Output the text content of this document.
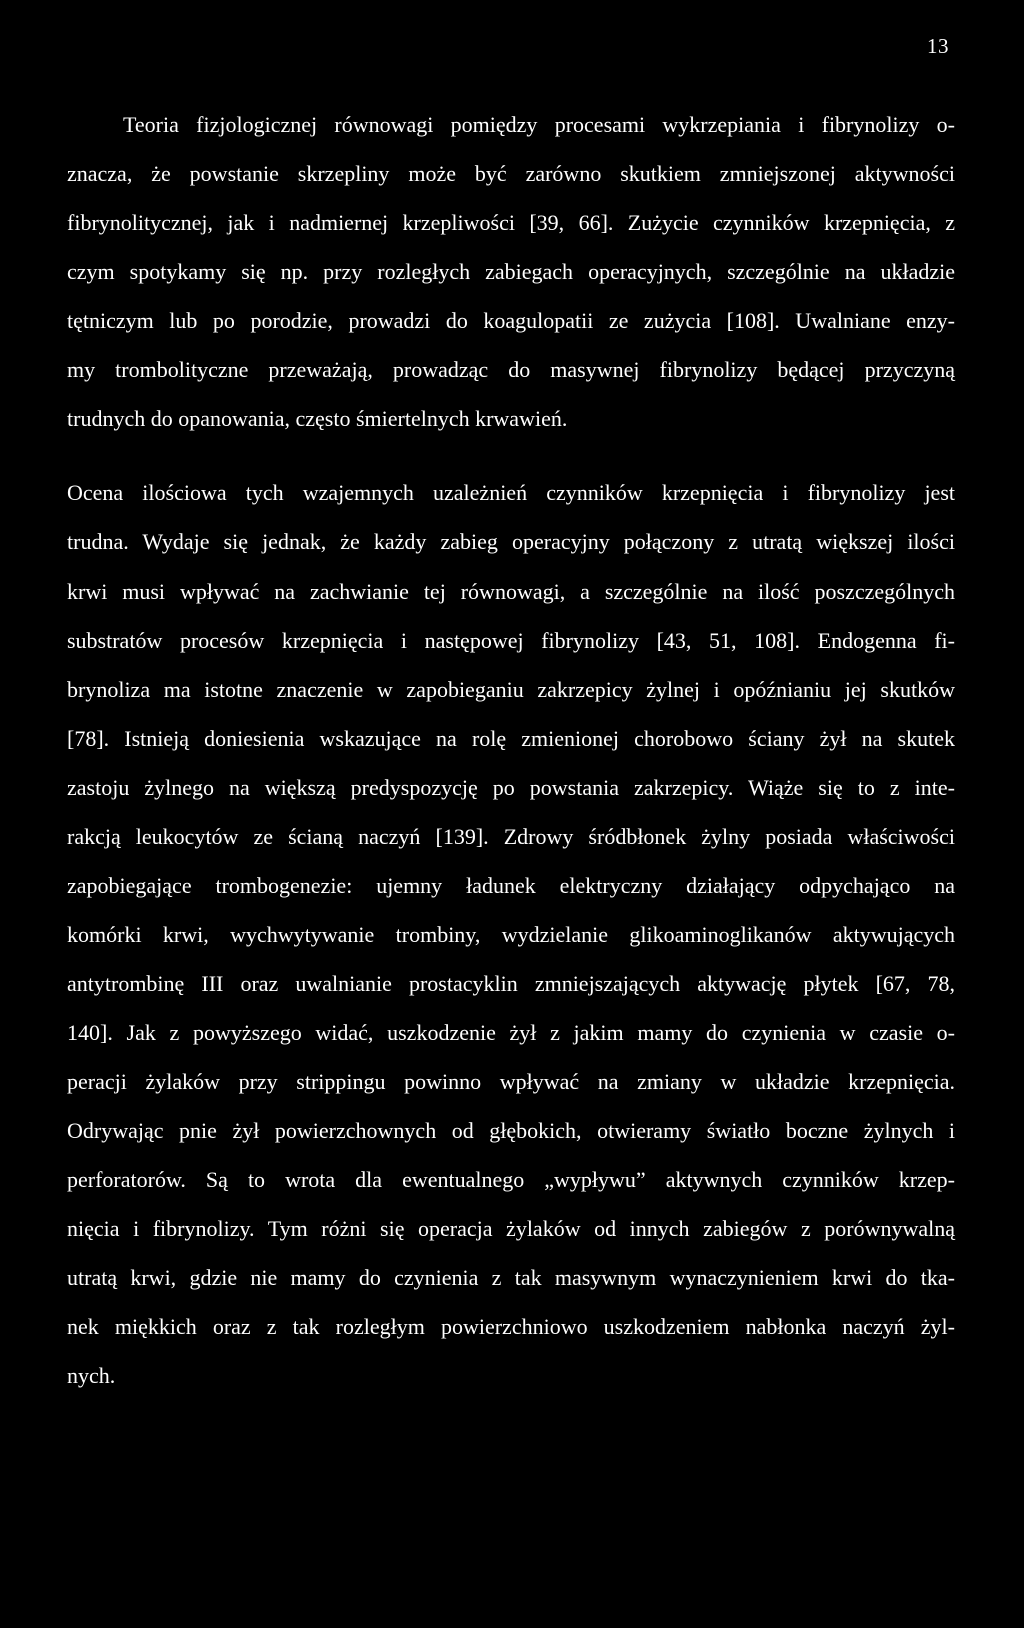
13
Teoria fizjologicznej równowagi pomiędzy procesami wykrzepiania i fibrynolizy o-
znacza, że powstanie skrzepliny może być zarówno skutkiem zmniejszonej aktywności
fibrynolitycznej, jak i nadmiernej krzepliwości [39, 66]. Zużycie czynników krzepnięcia, z
czym spotykamy się np. przy rozległych zabiegach operacyjnych, szczególnie na układzie
tętniczym lub po porodzie, prowadzi do koagulopatii ze zużycia [108]. Uwalniane enzy-
my trombolityczne przeważają, prowadząc do masywnej fibrynolizy będącej przyczyną
trudnych do opanowania, często śmiertelnych krwawień.
Ocena ilościowa tych wzajemnych uzależnień czynników krzepnięcia i fibrynolizy jest
trudna. Wydaje się jednak, że każdy zabieg operacyjny połączony z utratą większej ilości
krwi musi wpływać na zachwianie tej równowagi, a szczególnie na ilość poszczególnych
substratów procesów krzepnięcia i następowej fibrynolizy [43, 51, 108]. Endogenna fi-
brynoliza ma istotne znaczenie w zapobieganiu zakrzepicy żylnej i opóźnianiu jej skutków
[78]. Istnieją doniesienia wskazujące na rolę zmienionej chorobowo ściany żył na skutek
zastoju żylnego na większą predyspozycję po powstania zakrzepicy. Wiąże się to z inte-
rakcją leukocytów ze ścianą naczyń [139]. Zdrowy śródbłonek żylny posiada właściwości
zapobiegające trombogenezie: ujemny ładunek elektryczny działający odpychająco na
komórki krwi, wychwytywanie trombiny, wydzielanie glikoaminoglikanów aktywujących
antytrombinę III oraz uwalnianie prostacyklin zmniejszających aktywację płytek [67, 78,
140]. Jak z powyższego widać, uszkodzenie żył z jakim mamy do czynienia w czasie o-
peracji żylaków przy strippingu powinno wpływać na zmiany w układzie krzepnięcia.
Odrywając pnie żył powierzchownych od głębokich, otwieramy światło boczne żylnych i
perforatorów. Są to wrota dla ewentualnego „wypływu” aktywnych czynników krzep-
nięcia i fibrynolizy. Tym różni się operacja żylaków od innych zabiegów z porównywalną
utratą krwi, gdzie nie mamy do czynienia z tak masywnym wynaczynieniem krwi do tka-
nek miękkich oraz z tak rozległym powierzchniowo uszkodzeniem nabłonka naczyń żyl-
nych.
